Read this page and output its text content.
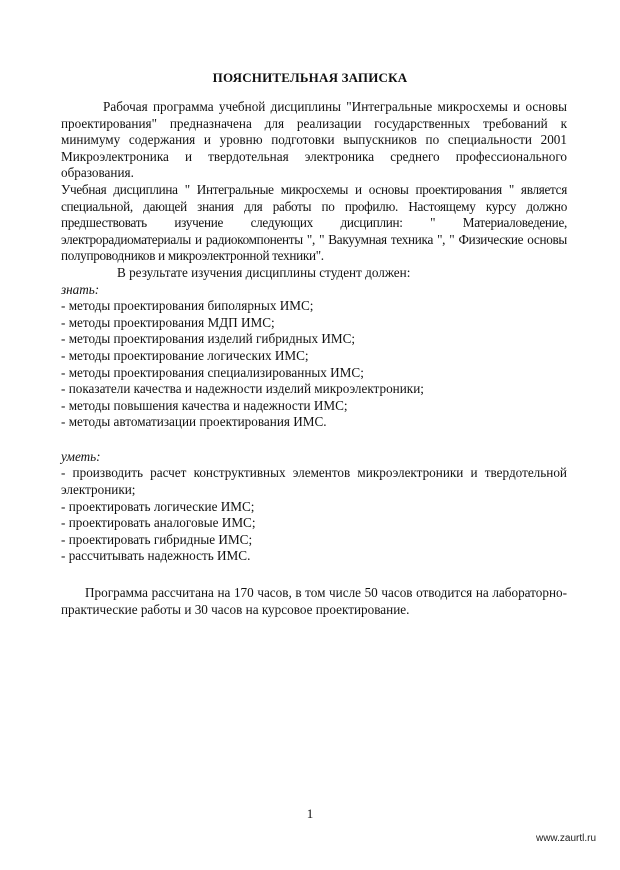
ПОЯСНИТЕЛЬНАЯ ЗАПИСКА

Рабочая программа учебной дисциплины "Интегральные микросхемы и основы проектирования" предназначена для реализации государственных требований к минимуму содержания и уровню подготовки выпускников по специальности 2001 Микроэлектроника и твердотельная электроника среднего профессионального образования.

Учебная дисциплина " Интегральные микросхемы и основы проектирования " является специальной, дающей знания для работы по профилю. Настоящему курсу должно предшествовать изучение следующих дисциплин: " Материаловедение, электрорадиоматериалы и радиокомпоненты ", " Вакуумная техника ", " Физические основы полупроводников и микроэлектронной техники".

В результате изучения дисциплины студент должен:

знать:

- методы проектирования биполярных ИМС;
- методы проектирования МДП ИМС;
- методы проектирования изделий гибридных ИМС;
- методы проектирование логических ИМС;
- методы проектирования специализированных ИМС;
- показатели качества и надежности изделий микроэлектроники;
- методы повышения качества и надежности ИМС;
- методы автоматизации проектирования ИМС.

уметь:

- производить расчет конструктивных элементов микроэлектроники и твердотельной электроники;
- проектировать логические ИМС;
- проектировать аналоговые ИМС;
- проектировать гибридные ИМС;
- рассчитывать надежность ИМС.

Программа рассчитана на 170 часов, в том числе 50 часов отводится на лабораторно-практические работы и 30 часов на курсовое проектирование.

1
www.zaurtl.ru
